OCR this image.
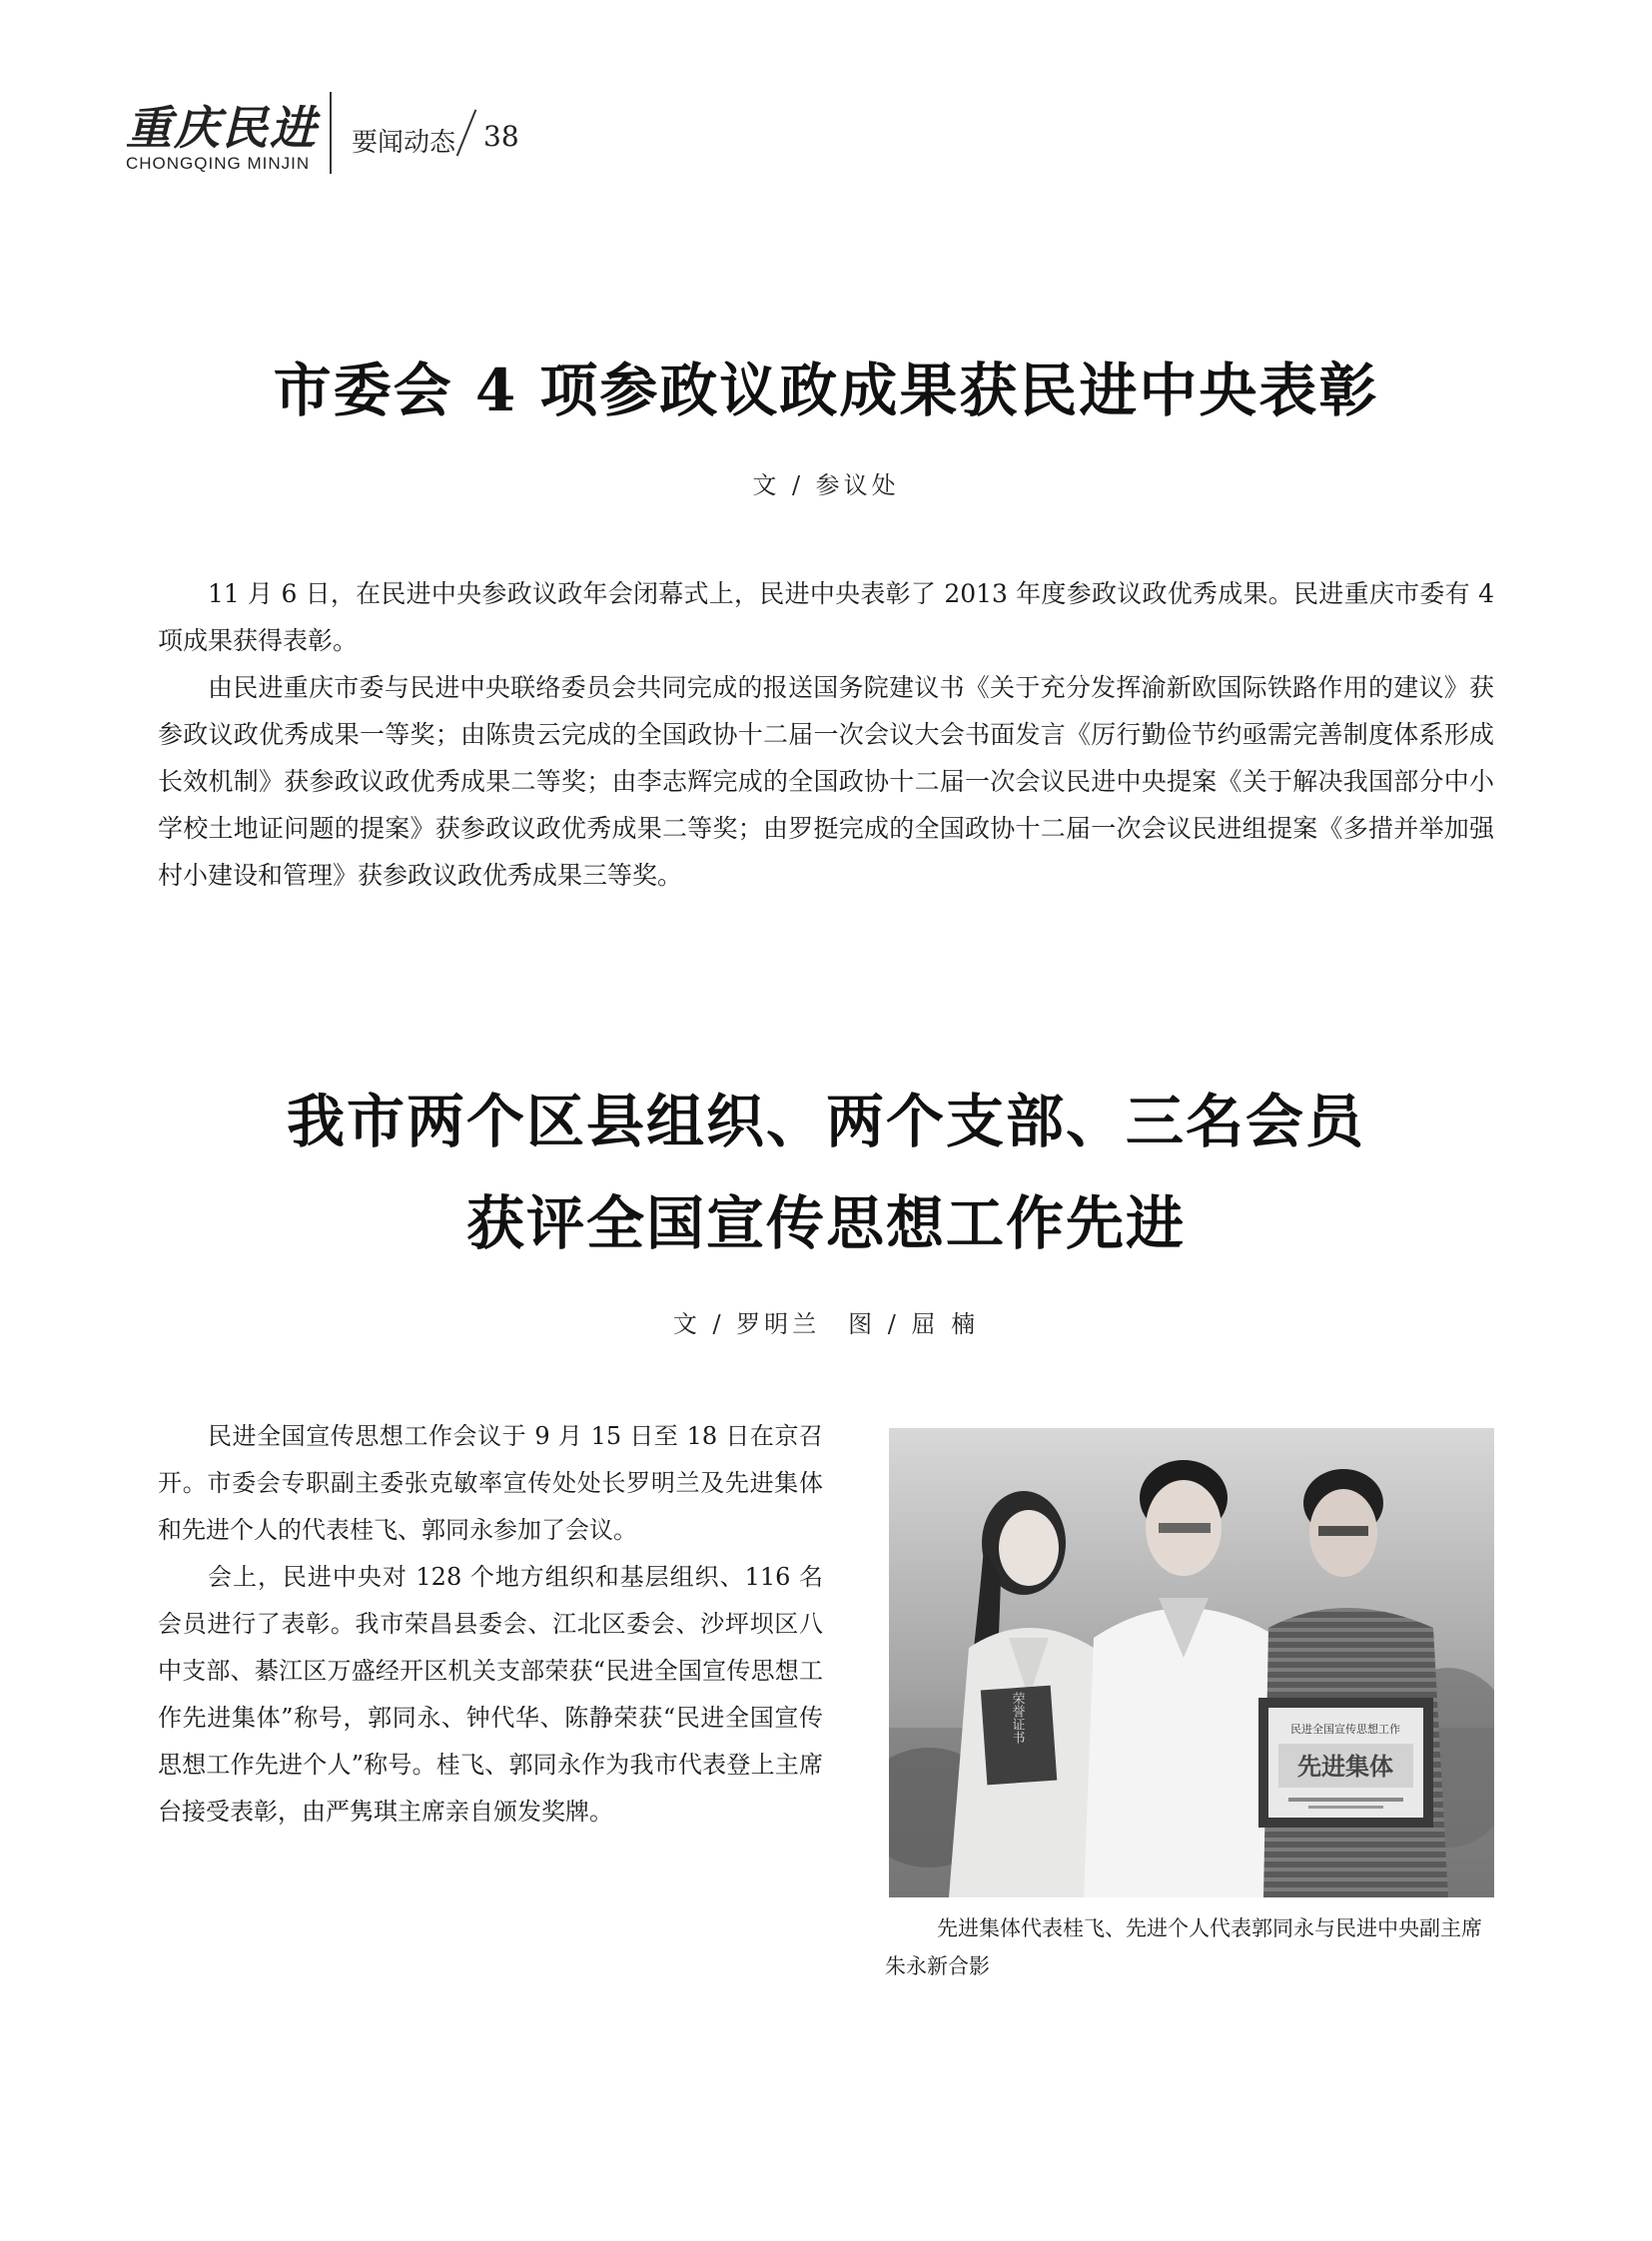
重庆民进
CHONGQING MINJIN
要闻动态 38
市委会 4 项参政议政成果获民进中央表彰
文 / 参议处

11 月 6 日，在民进中央参政议政年会闭幕式上，民进中央表彰了 2013 年度参政议政优秀成果。民进重庆市委有 4 项成果获得表彰。

由民进重庆市委与民进中央联络委员会共同完成的报送国务院建议书《关于充分发挥渝新欧国际铁路作用的建议》获参政议政优秀成果一等奖；由陈贵云完成的全国政协十二届一次会议大会书面发言《厉行勤俭节约亟需完善制度体系形成长效机制》获参政议政优秀成果二等奖；由李志辉完成的全国政协十二届一次会议民进中央提案《关于解决我国部分中小学校土地证问题的提案》获参政议政优秀成果二等奖；由罗挺完成的全国政协十二届一次会议民进组提案《多措并举加强村小建设和管理》获参政议政优秀成果三等奖。

我市两个区县组织、两个支部、三名会员
获评全国宣传思想工作先进
文 / 罗明兰　图 / 屈 楠

民进全国宣传思想工作会议于 9 月 15 日至 18 日在京召开。市委会专职副主委张克敏率宣传处处长罗明兰及先进集体和先进个人的代表桂飞、郭同永参加了会议。

会上，民进中央对 128 个地方组织和基层组织、116 名会员进行了表彰。我市荣昌县委会、江北区委会、沙坪坝区八中支部、綦江区万盛经开区机关支部荣获“民进全国宣传思想工作先进集体”称号，郭同永、钟代华、陈静荣获“民进全国宣传思想工作先进个人”称号。桂飞、郭同永作为我市代表登上主席台接受表彰，由严隽琪主席亲自颁发奖牌。

荣誉证书	民进全国宣传思想工作
先进集体

先进集体代表桂飞、先进个人代表郭同永与民进中央副主席朱永新合影
